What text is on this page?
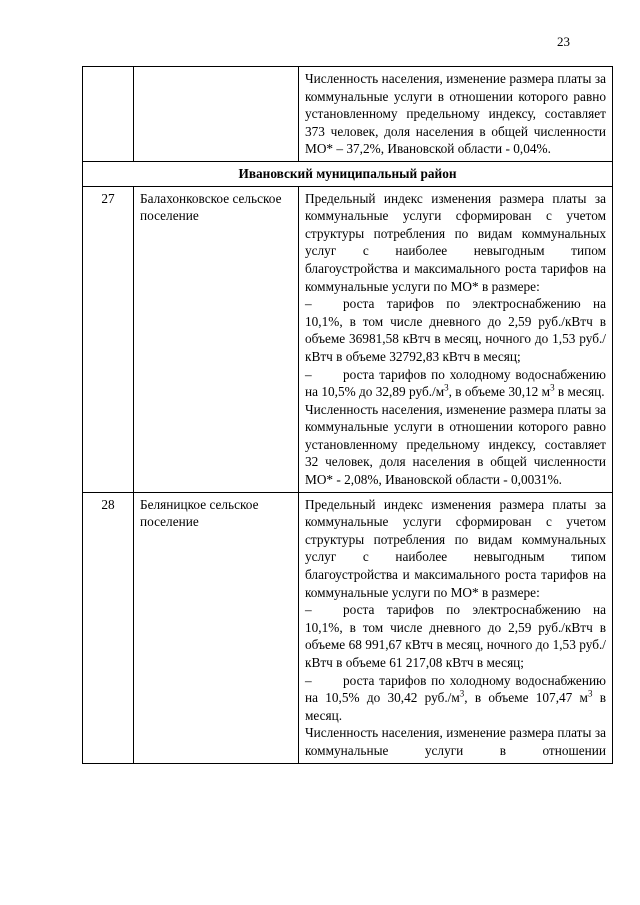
23

		Численность населения, изменение размера платы за коммунальные услуги в отношении которого равно установленному предельному индексу, составляет 373 человек, доля населения в общей численности МО* – 37,2%, Ивановской области - 0,04%.

Ивановский муниципальный район		
27	Балахонковское сельское поселение	Предельный индекс изменения размера платы за коммунальные услуги сформирован с учетом структуры потребления по видам коммунальных услуг с наиболее невыгодным типом благоустройства и максимального роста тарифов на коммунальные услуги по МО* в размере:

– роста тарифов по электроснабжению на 10,1%, в том числе дневного до 2,59 руб./кВтч в объеме 36981,58 кВтч в месяц, ночного до 1,53 руб./кВтч в объеме 32792,83 кВтч в месяц;

– роста тарифов по холодному водоснабжению на 10,5% до 32,89 $руб./м^3$, в объеме 30,12 $м^3$ в месяц.

Численность населения, изменение размера платы за коммунальные услуги в отношении которого равно установленному предельному индексу, составляет 32 человек, доля населения в общей численности МО* - 2,08%, Ивановской области - 0,0031%.

28	Беляницкое сельское поселение	Предельный индекс изменения размера платы за коммунальные услуги сформирован с учетом структуры потребления по видам коммунальных услуг с наиболее невыгодным типом благоустройства и максимального роста тарифов на коммунальные услуги по МО* в размере:

– роста тарифов по электроснабжению на 10,1%, в том числе дневного до 2,59 руб./кВтч в объеме 68 991,67 кВтч в месяц, ночного до 1,53 руб./кВтч в объеме 61 217,08 кВтч в месяц;

– роста тарифов по холодному водоснабжению на 10,5% до 30,42 $руб./м^3$, в объеме 107,47 $м^3$ в месяц.

Численность населения, изменение размера платы за коммунальные услуги в отношении
